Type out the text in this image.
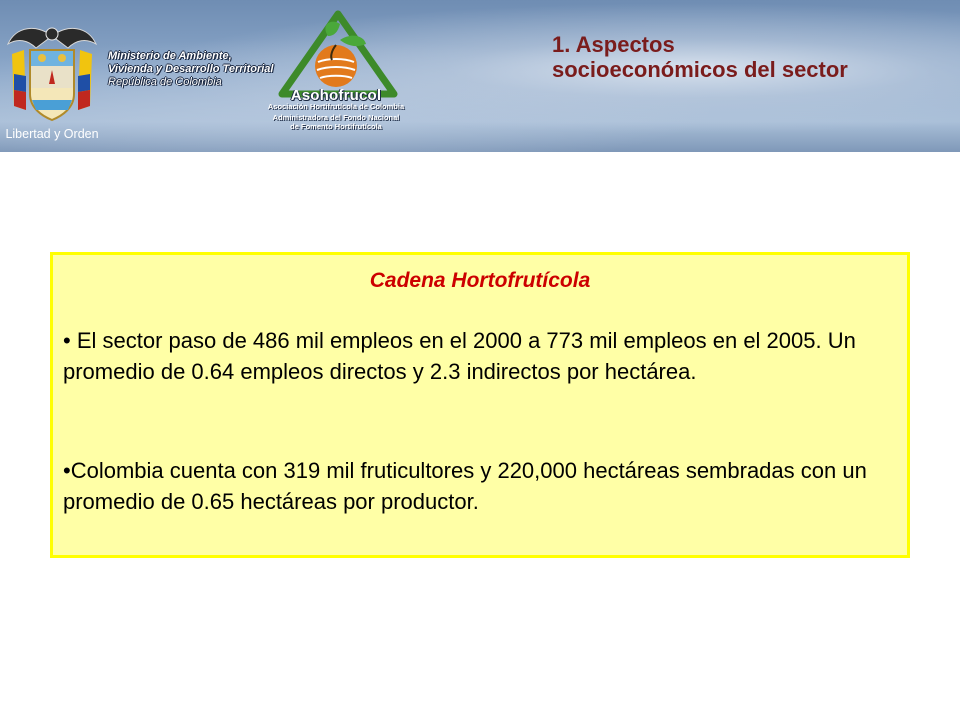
Libertad y Orden
Ministerio de Ambiente,
Vivienda y Desarrollo Territorial
República de Colombia
Asohofrucol
Asociación Hortifrutícola de Colombia
Administradora del Fondo Nacional
de Fomento Hortifrutícola
1. Aspectos
socioeconómicos del sector
Cadena Hortofrutícola
• El sector paso de 486 mil empleos en el 2000 a 773 mil empleos en el 2005. Un promedio de 0.64 empleos directos y 2.3 indirectos por hectárea.
•Colombia cuenta con 319 mil fruticultores y 220,000 hectáreas sembradas con un promedio de 0.65 hectáreas por productor.
